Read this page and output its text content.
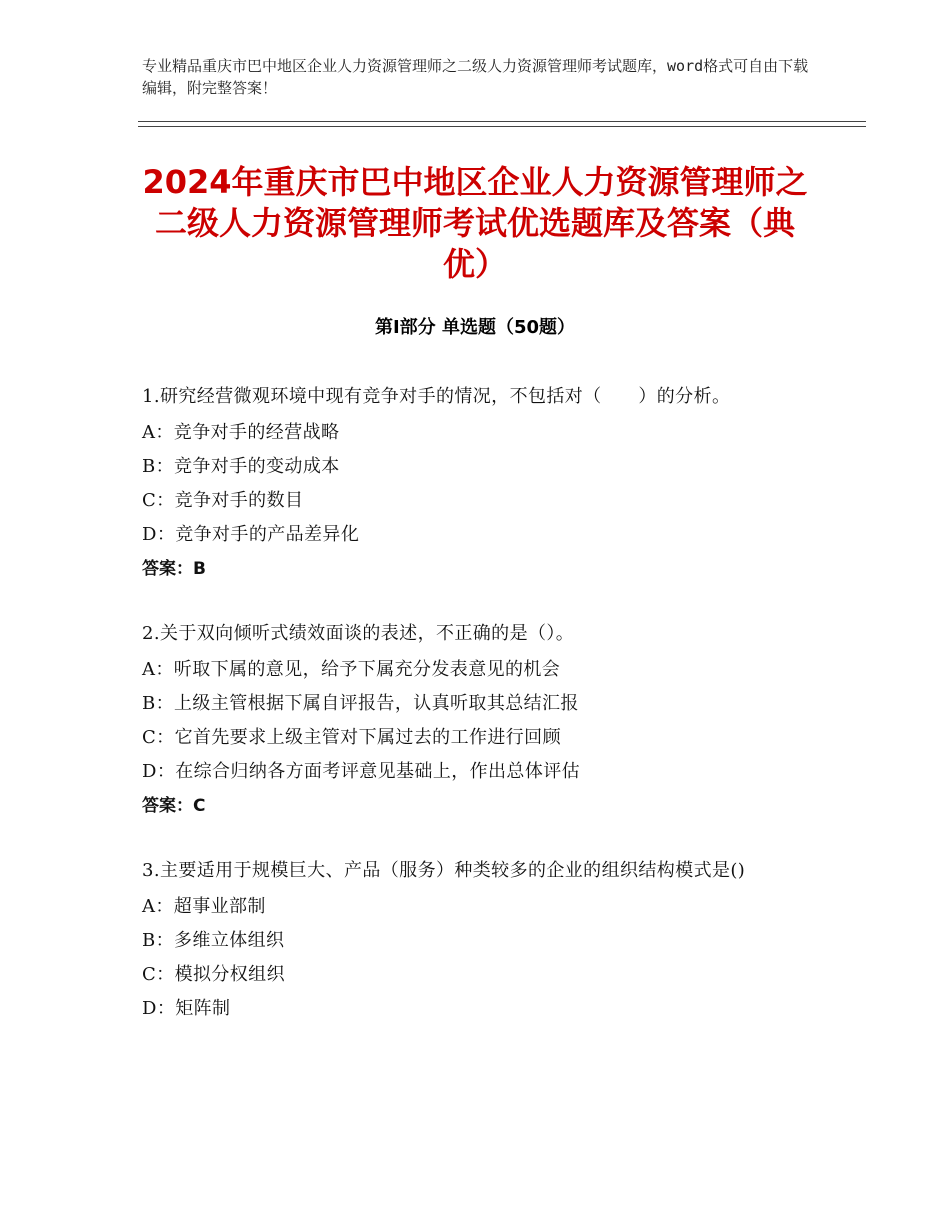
专业精品重庆市巴中地区企业人力资源管理师之二级人力资源管理师考试题库，word格式可自由下载编辑，附完整答案！
2024年重庆市巴中地区企业人力资源管理师之二级人力资源管理师考试优选题库及答案（典优）
第Ⅰ部分 单选题（50题）
1.研究经营微观环境中现有竞争对手的情况，不包括对（　　）的分析。
A：竞争对手的经营战略
B：竞争对手的变动成本
C：竞争对手的数目
D：竞争对手的产品差异化
答案：B
2.关于双向倾听式绩效面谈的表述，不正确的是（）。
A：听取下属的意见，给予下属充分发表意见的机会
B：上级主管根据下属自评报告，认真听取其总结汇报
C：它首先要求上级主管对下属过去的工作进行回顾
D：在综合归纳各方面考评意见基础上，作出总体评估
答案：C
3.主要适用于规模巨大、产品（服务）种类较多的企业的组织结构模式是()
A：超事业部制
B：多维立体组织
C：模拟分权组织
D：矩阵制
